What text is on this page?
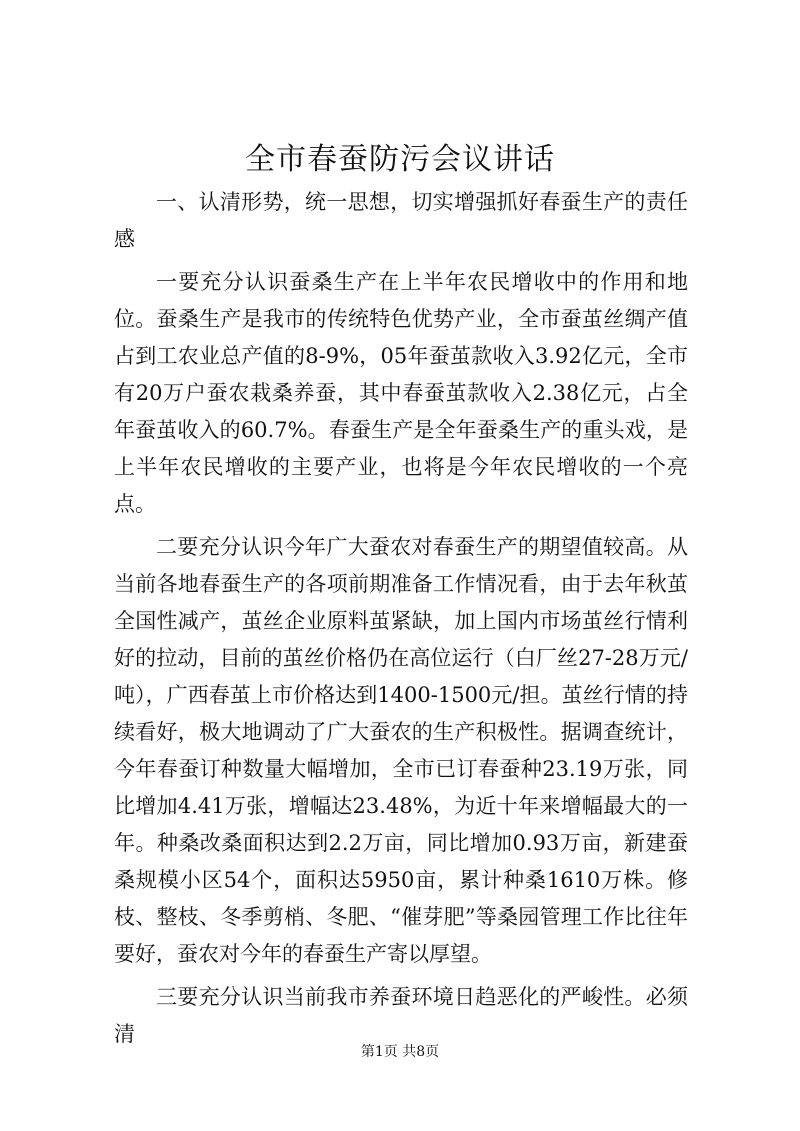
全市春蚕防污会议讲话

一、认清形势，统一思想，切实增强抓好春蚕生产的责任感

一要充分认识蚕桑生产在上半年农民增收中的作用和地位。蚕桑生产是我市的传统特色优势产业，全市蚕茧丝绸产值占到工农业总产值的8-9%，05年蚕茧款收入3.92亿元，全市有20万户蚕农栽桑养蚕，其中春蚕茧款收入2.38亿元，占全年蚕茧收入的60.7%。春蚕生产是全年蚕桑生产的重头戏，是上半年农民增收的主要产业，也将是今年农民增收的一个亮点。

二要充分认识今年广大蚕农对春蚕生产的期望值较高。从当前各地春蚕生产的各项前期准备工作情况看，由于去年秋茧全国性减产，茧丝企业原料茧紧缺，加上国内市场茧丝行情利好的拉动，目前的茧丝价格仍在高位运行（白厂丝27-28万元/吨），广西春茧上市价格达到1400-1500元/担。茧丝行情的持续看好，极大地调动了广大蚕农的生产积极性。据调查统计，今年春蚕订种数量大幅增加，全市已订春蚕种23.19万张，同比增加4.41万张，增幅达23.48%，为近十年来增幅最大的一年。种桑改桑面积达到2.2万亩，同比增加0.93万亩，新建蚕桑规模小区54个，面积达5950亩，累计种桑1610万株。修枝、整枝、冬季剪梢、冬肥、“催芽肥”等桑园管理工作比往年要好，蚕农对今年的春蚕生产寄以厚望。

三要充分认识当前我市养蚕环境日趋恶化的严峻性。必须清

第1页 共8页
